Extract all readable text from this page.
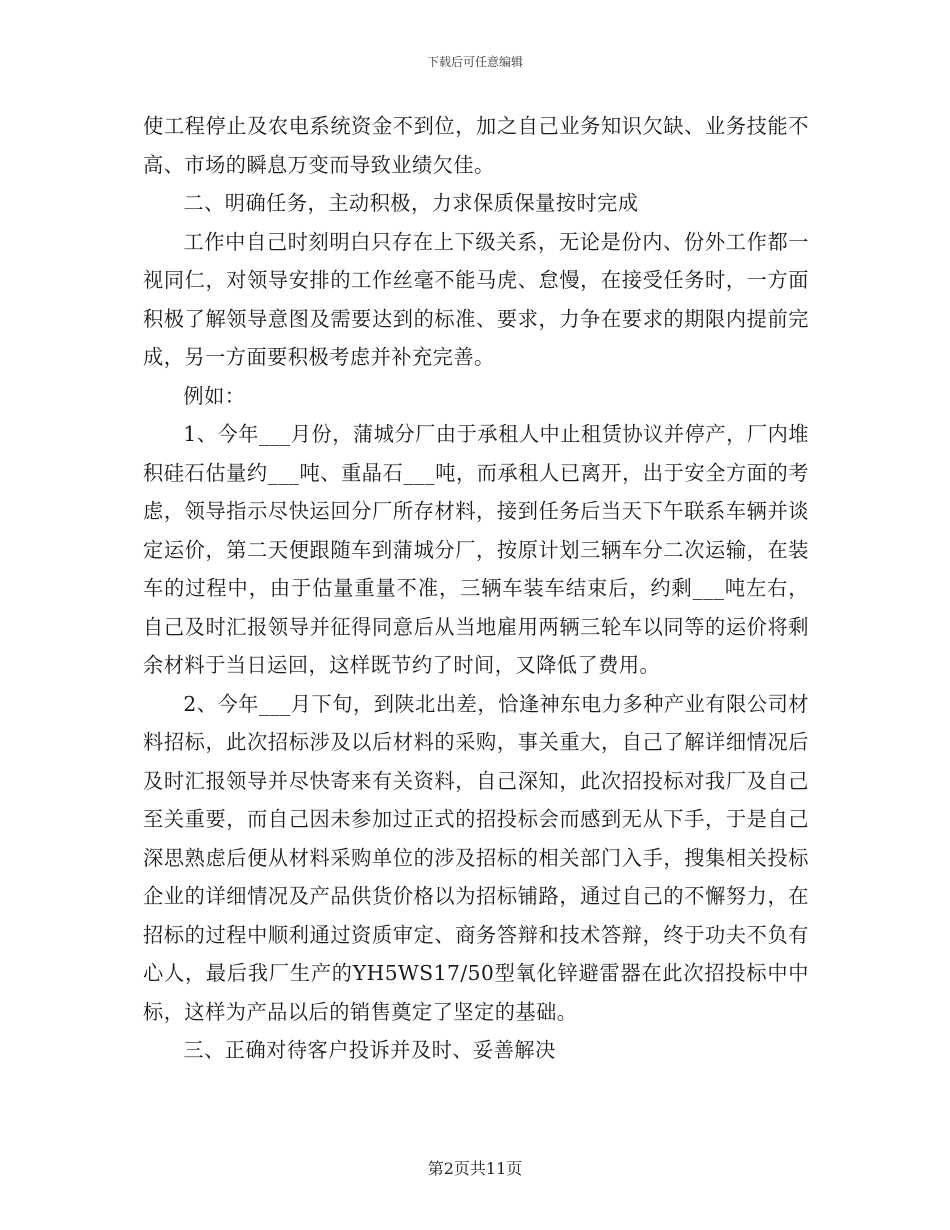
下载后可任意编辑

使工程停止及农电系统资金不到位，加之自己业务知识欠缺、业务技能不高、市场的瞬息万变而导致业绩欠佳。

二、明确任务，主动积极，力求保质保量按时完成

工作中自己时刻明白只存在上下级关系，无论是份内、份外工作都一视同仁，对领导安排的工作丝毫不能马虎、怠慢，在接受任务时，一方面积极了解领导意图及需要达到的标准、要求，力争在要求的期限内提前完成，另一方面要积极考虑并补充完善。

例如：

1、今年___月份，蒲城分厂由于承租人中止租赁协议并停产，厂内堆积硅石估量约___吨、重晶石___吨，而承租人已离开，出于安全方面的考虑，领导指示尽快运回分厂所存材料，接到任务后当天下午联系车辆并谈定运价，第二天便跟随车到蒲城分厂，按原计划三辆车分二次运输，在装车的过程中，由于估量重量不准，三辆车装车结束后，约剩___吨左右，自己及时汇报领导并征得同意后从当地雇用两辆三轮车以同等的运价将剩余材料于当日运回，这样既节约了时间，又降低了费用。

2、今年___月下旬，到陕北出差，恰逢神东电力多种产业有限公司材料招标，此次招标涉及以后材料的采购，事关重大，自己了解详细情况后及时汇报领导并尽快寄来有关资料，自己深知，此次招投标对我厂及自己至关重要，而自己因未参加过正式的招投标会而感到无从下手，于是自己深思熟虑后便从材料采购单位的涉及招标的相关部门入手，搜集相关投标企业的详细情况及产品供货价格以为招标铺路，通过自己的不懈努力，在招标的过程中顺利通过资质审定、商务答辩和技术答辩，终于功夫不负有心人，最后我厂生产的YH5WS17/50型氧化锌避雷器在此次招投标中中标，这样为产品以后的销售奠定了坚定的基础。

三、正确对待客户投诉并及时、妥善解决

第2页共11页
